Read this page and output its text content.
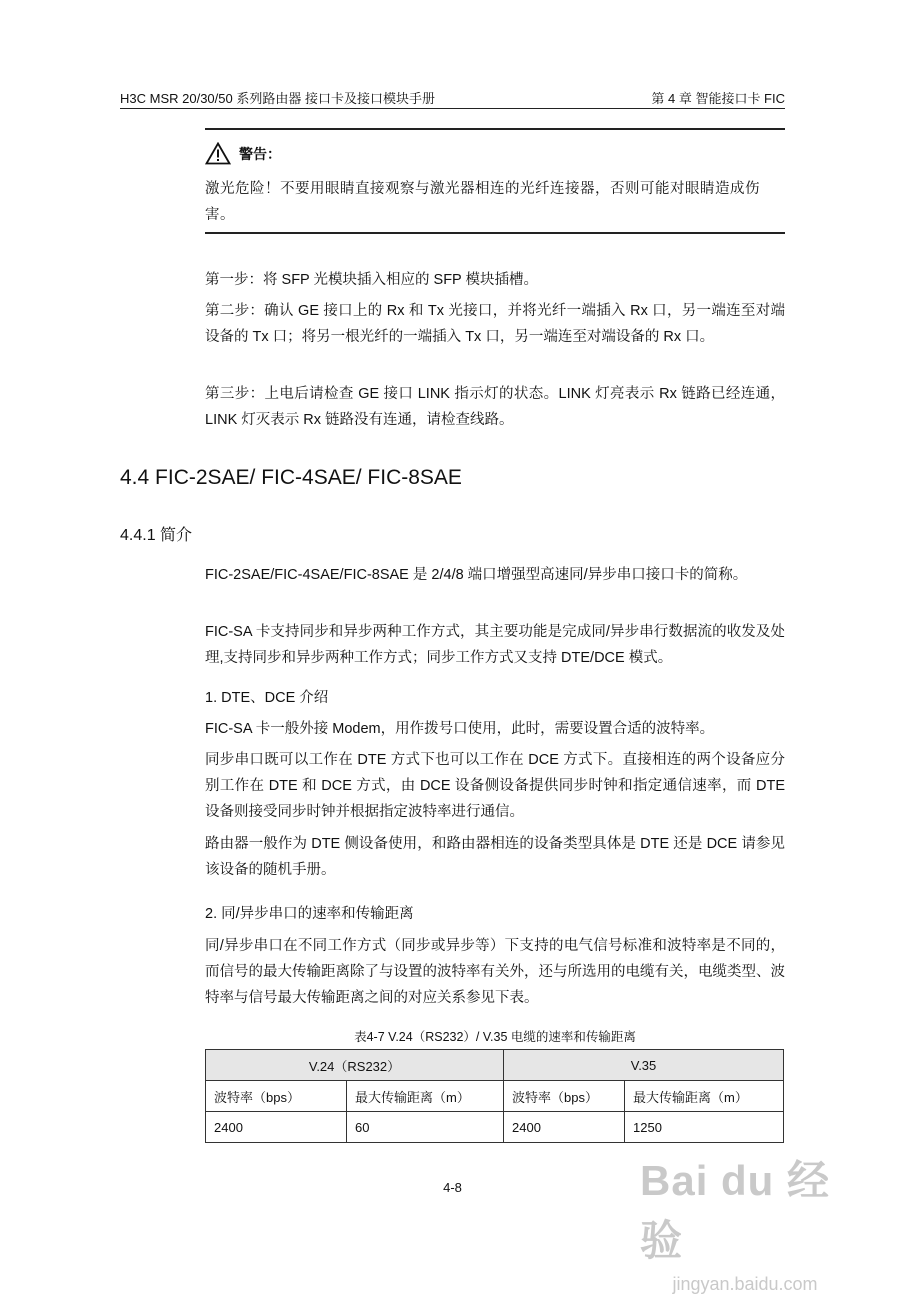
H3C MSR 20/30/50 系列路由器 接口卡及接口模块手册	第 4 章 智能接口卡 FIC
警告：
激光危险！不要用眼睛直接观察与激光器相连的光纤连接器，否则可能对眼睛造成伤害。
第一步：将 SFP 光模块插入相应的 SFP 模块插槽。
第二步：确认 GE 接口上的 Rx 和 Tx 光接口，并将光纤一端插入 Rx 口，另一端连至对端设备的 Tx 口；将另一根光纤的一端插入 Tx 口，另一端连至对端设备的 Rx 口。
第三步：上电后请检查 GE 接口 LINK 指示灯的状态。LINK 灯亮表示 Rx 链路已经连通，LINK 灯灭表示 Rx 链路没有连通，请检查线路。
4.4 FIC-2SAE/ FIC-4SAE/ FIC-8SAE
4.4.1 简介
FIC-2SAE/FIC-4SAE/FIC-8SAE 是 2/4/8 端口增强型高速同/异步串口接口卡的简称。
FIC-SA 卡支持同步和异步两种工作方式，其主要功能是完成同/异步串行数据流的收发及处理,支持同步和异步两种工作方式；同步工作方式又支持 DTE/DCE 模式。
1. DTE、DCE 介绍
FIC-SA 卡一般外接 Modem，用作拨号口使用，此时，需要设置合适的波特率。
同步串口既可以工作在 DTE 方式下也可以工作在 DCE 方式下。直接相连的两个设备应分别工作在 DTE 和 DCE 方式，由 DCE 设备侧设备提供同步时钟和指定通信速率，而 DTE 设备则接受同步时钟并根据指定波特率进行通信。
路由器一般作为 DTE 侧设备使用，和路由器相连的设备类型具体是 DTE 还是 DCE 请参见该设备的随机手册。
2. 同/异步串口的速率和传输距离
同/异步串口在不同工作方式（同步或异步等）下支持的电气信号标准和波特率是不同的，而信号的最大传输距离除了与设置的波特率有关外，还与所选用的电缆有关，电缆类型、波特率与信号最大传输距离之间的对应关系参见下表。
表4-7 V.24（RS232）/ V.35 电缆的速率和传输距离
V.24（RS232）		V.35	
波特率（bps）	最大传输距离（m）	波特率（bps）	最大传输距离（m）
2400	60	2400	1250
4-8	Bai du 经验
jingyan.baidu.com
